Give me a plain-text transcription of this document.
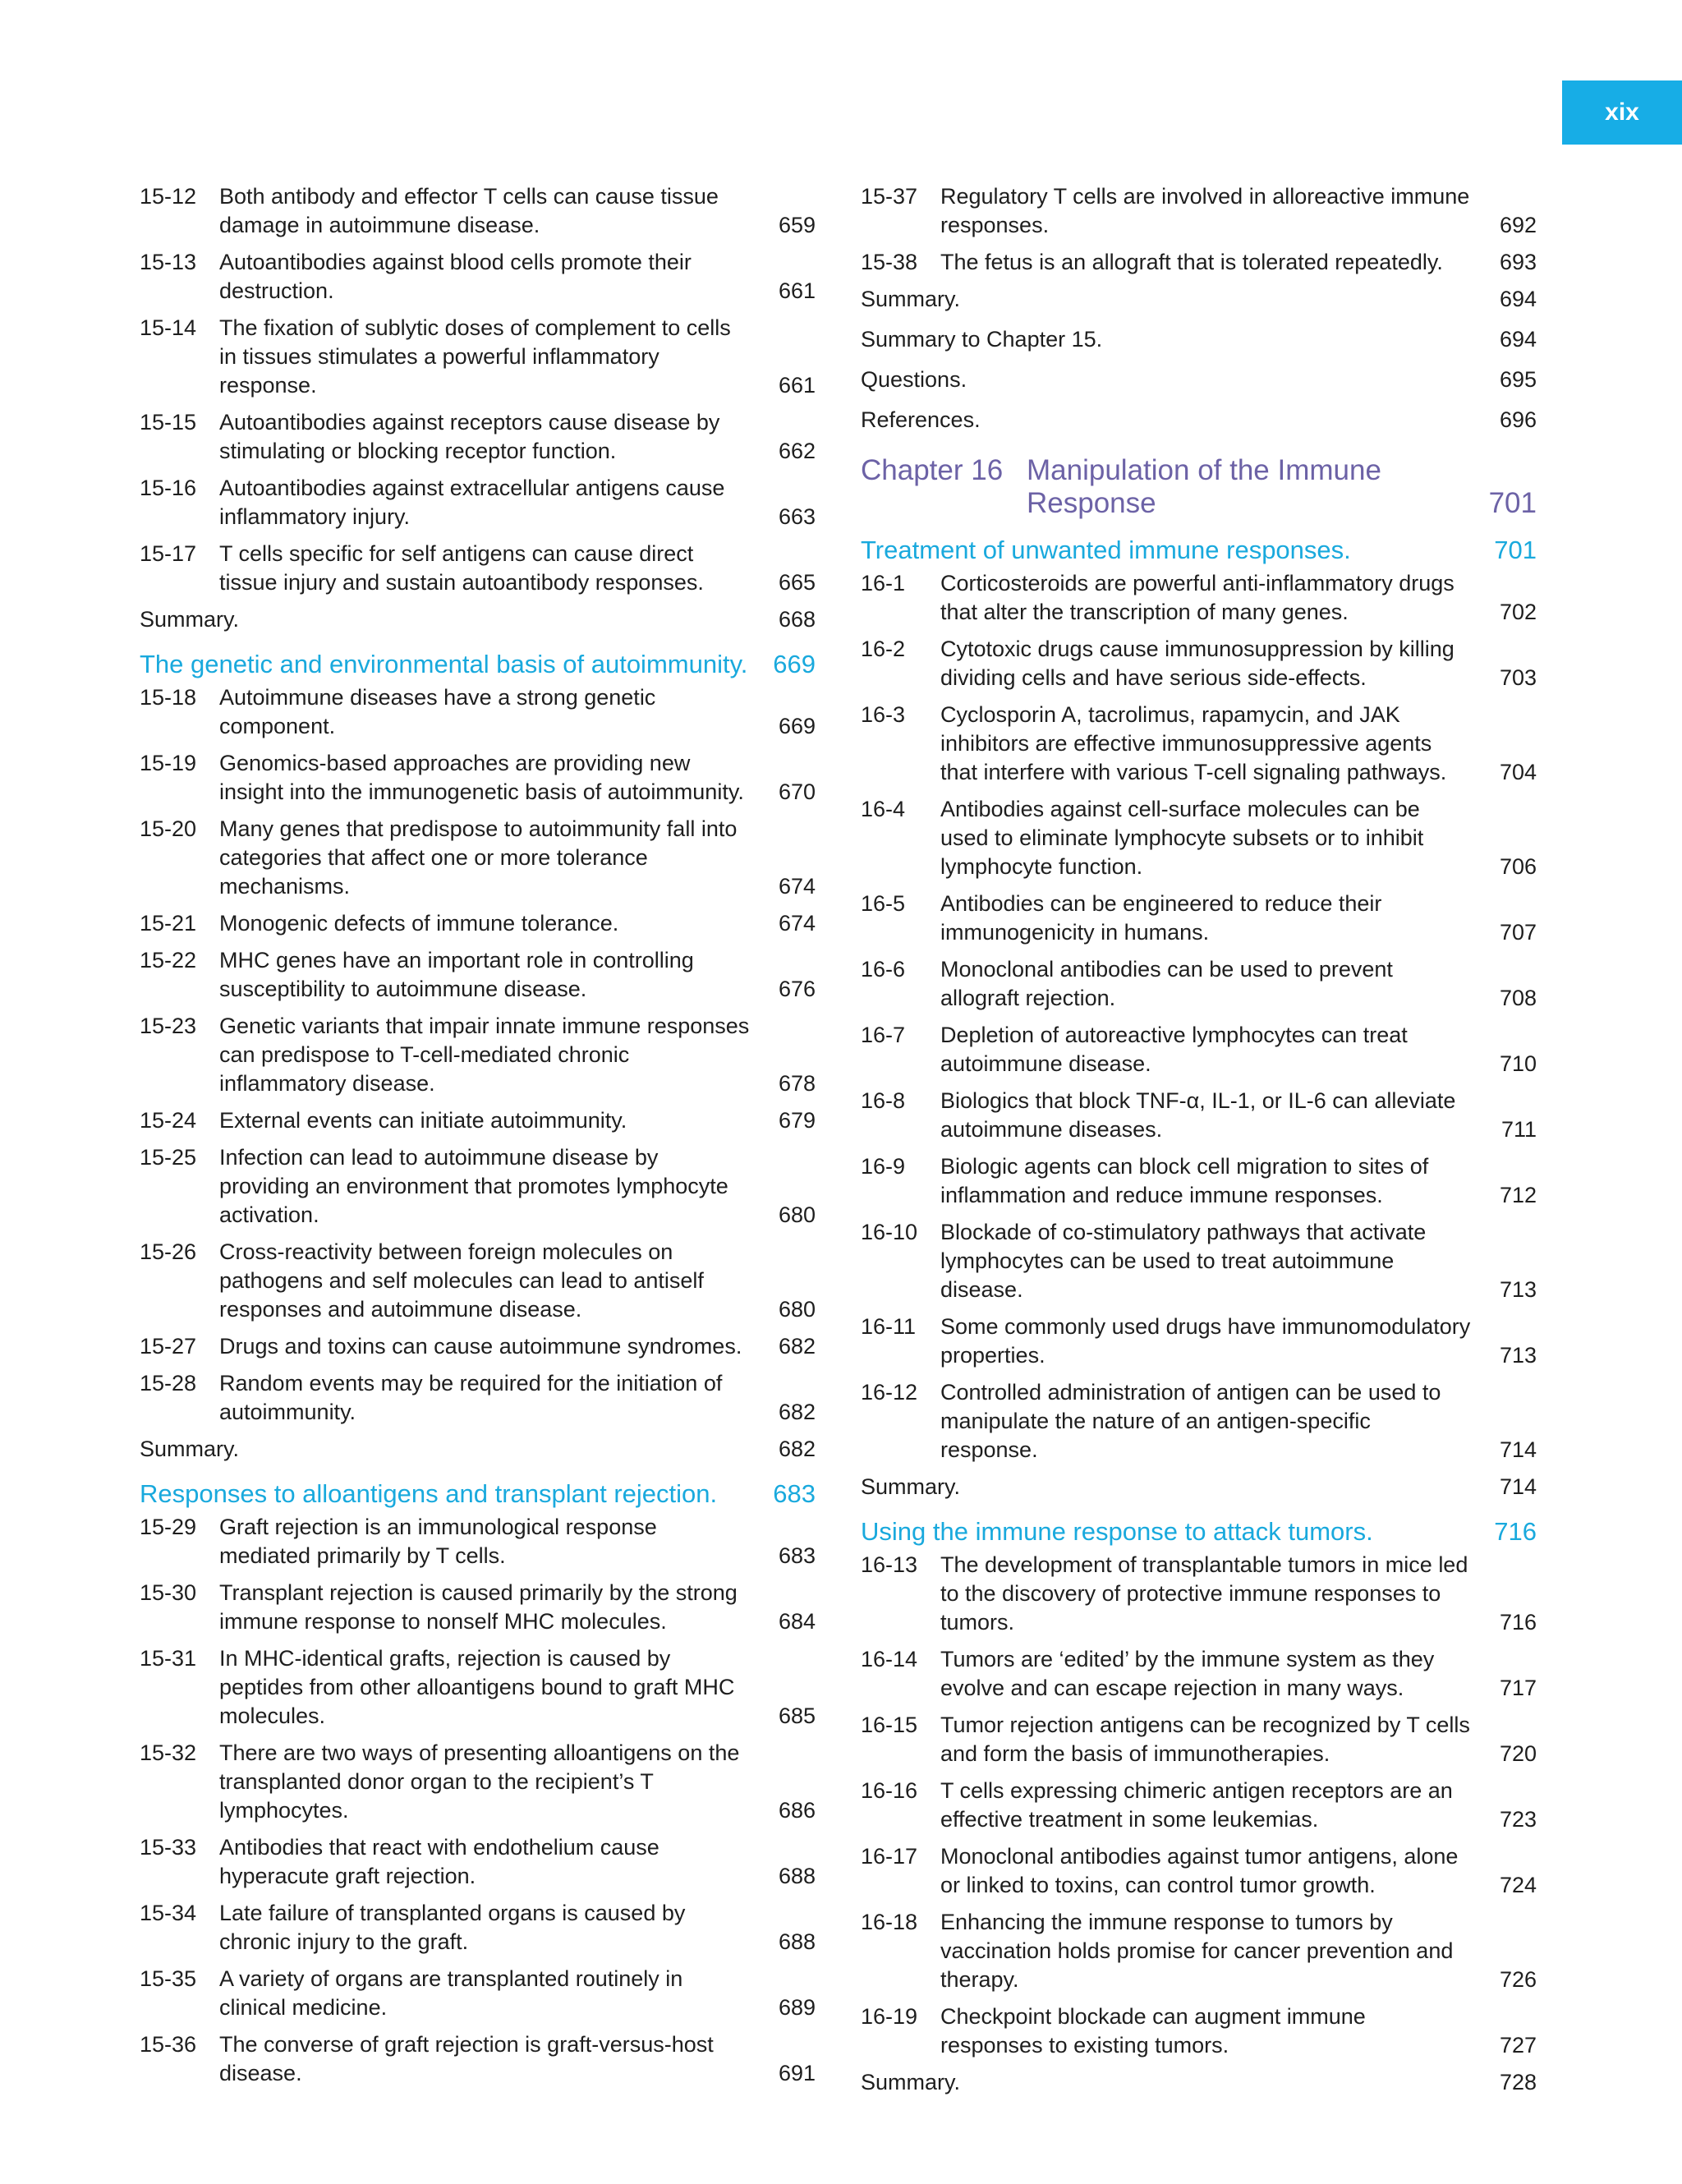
xix
15-12	Both antibody and effector T cells can cause tissue damage in autoimmune disease.	659
15-13	Autoantibodies against blood cells promote their destruction.	661
15-14	The fixation of sublytic doses of complement to cells in tissues stimulates a powerful inflammatory response.	661
15-15	Autoantibodies against receptors cause disease by stimulating or blocking receptor function.	662
15-16	Autoantibodies against extracellular antigens cause inflammatory injury.	663
15-17	T cells specific for self antigens can cause direct tissue injury and sustain autoantibody responses.	665
Summary.	668
The genetic and environmental basis of autoimmunity. 669
15-18	Autoimmune diseases have a strong genetic component.	669
15-19	Genomics-based approaches are providing new insight into the immunogenetic basis of autoimmunity.	670
15-20	Many genes that predispose to autoimmunity fall into categories that affect one or more tolerance mechanisms.	674
15-21	Monogenic defects of immune tolerance.	674
15-22	MHC genes have an important role in controlling susceptibility to autoimmune disease.	676
15-23	Genetic variants that impair innate immune responses can predispose to T-cell-mediated chronic inflammatory disease.	678
15-24	External events can initiate autoimmunity.	679
15-25	Infection can lead to autoimmune disease by providing an environment that promotes lymphocyte activation.	680
15-26	Cross-reactivity between foreign molecules on pathogens and self molecules can lead to antiself responses and autoimmune disease.	680
15-27	Drugs and toxins can cause autoimmune syndromes.	682
15-28	Random events may be required for the initiation of autoimmunity.	682
Summary.	682
Responses to alloantigens and transplant rejection.	683
15-29	Graft rejection is an immunological response mediated primarily by T cells.	683
15-30	Transplant rejection is caused primarily by the strong immune response to nonself MHC molecules.	684
15-31	In MHC-identical grafts, rejection is caused by peptides from other alloantigens bound to graft MHC molecules.	685
15-32	There are two ways of presenting alloantigens on the transplanted donor organ to the recipient’s T lymphocytes.	686
15-33	Antibodies that react with endothelium cause hyperacute graft rejection.	688
15-34	Late failure of transplanted organs is caused by chronic injury to the graft.	688
15-35	A variety of organs are transplanted routinely in clinical medicine.	689
15-36	The converse of graft rejection is graft-versus-host disease.	691
15-37	Regulatory T cells are involved in alloreactive immune responses.	692
15-38	The fetus is an allograft that is tolerated repeatedly.	693
Summary.	694
Summary to Chapter 15.	694
Questions.	695
References.	696
Chapter 16 Manipulation of the Immune Response	701
Treatment of unwanted immune responses.	701
16-1	Corticosteroids are powerful anti-inflammatory drugs that alter the transcription of many genes.	702
16-2	Cytotoxic drugs cause immunosuppression by killing dividing cells and have serious side-effects.	703
16-3	Cyclosporin A, tacrolimus, rapamycin, and JAK inhibitors are effective immunosuppressive agents that interfere with various T-cell signaling pathways.	704
16-4	Antibodies against cell-surface molecules can be used to eliminate lymphocyte subsets or to inhibit lymphocyte function.	706
16-5	Antibodies can be engineered to reduce their immunogenicity in humans.	707
16-6	Monoclonal antibodies can be used to prevent allograft rejection.	708
16-7	Depletion of autoreactive lymphocytes can treat autoimmune disease.	710
16-8	Biologics that block TNF-α, IL-1, or IL-6 can alleviate autoimmune diseases.	711
16-9	Biologic agents can block cell migration to sites of inflammation and reduce immune responses.	712
16-10	Blockade of co-stimulatory pathways that activate lymphocytes can be used to treat autoimmune disease.	713
16-11	Some commonly used drugs have immunomodulatory properties.	713
16-12	Controlled administration of antigen can be used to manipulate the nature of an antigen-specific response.	714
Summary.	714
Using the immune response to attack tumors.	716
16-13	The development of transplantable tumors in mice led to the discovery of protective immune responses to tumors.	716
16-14	Tumors are ‘edited’ by the immune system as they evolve and can escape rejection in many ways.	717
16-15	Tumor rejection antigens can be recognized by T cells and form the basis of immunotherapies.	720
16-16	T cells expressing chimeric antigen receptors are an effective treatment in some leukemias.	723
16-17	Monoclonal antibodies against tumor antigens, alone or linked to toxins, can control tumor growth.	724
16-18	Enhancing the immune response to tumors by vaccination holds promise for cancer prevention and therapy.	726
16-19	Checkpoint blockade can augment immune responses to existing tumors.	727
Summary.	728
